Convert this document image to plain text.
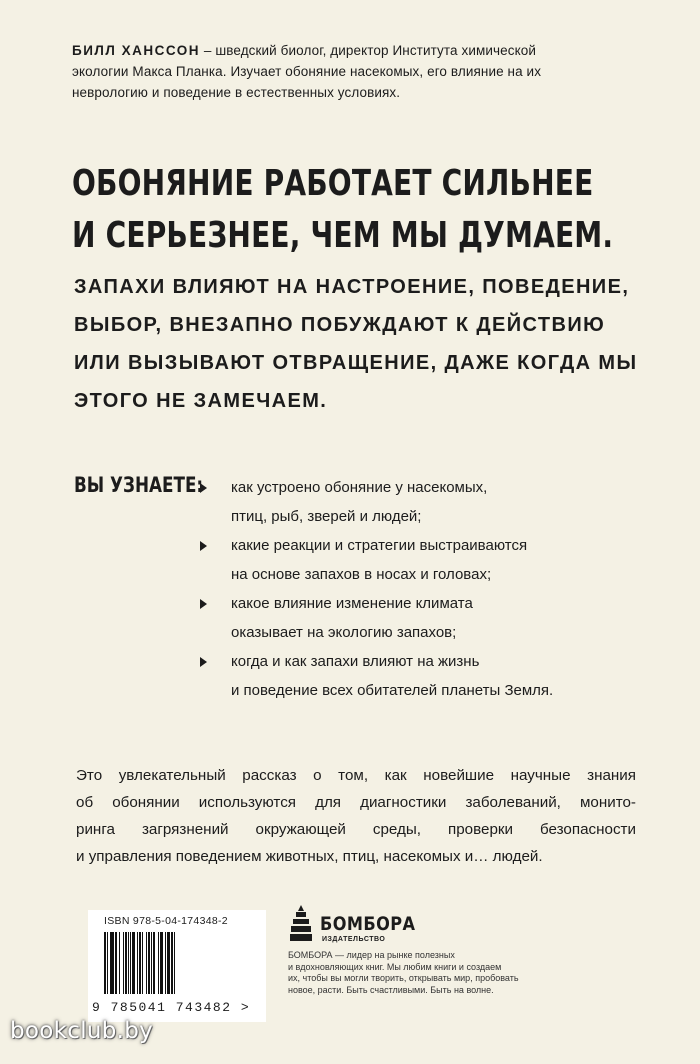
БИЛЛ ХАНССОН – шведский биолог, директор Института химической
экологии Макса Планка. Изучает обоняние насекомых, его влияние на их
неврологию и поведение в естественных условиях.
ОБОНЯНИЕ РАБОТАЕТ СИЛЬНЕЕ
И СЕРЬЕЗНЕЕ, ЧЕМ МЫ ДУМАЕМ.
ЗАПАХИ ВЛИЯЮТ НА НАСТРОЕНИЕ, ПОВЕДЕНИЕ,
ВЫБОР, ВНЕЗАПНО ПОБУЖДАЮТ К ДЕЙСТВИЮ
ИЛИ ВЫЗЫВАЮТ ОТВРАЩЕНИЕ, ДАЖЕ КОГДА МЫ
ЭТОГО НЕ ЗАМЕЧАЕМ.
ВЫ УЗНАЕТЕ: как устроено обоняние у насекомых,
птиц, рыб, зверей и людей;
какие реакции и стратегии выстраиваются
на основе запахов в носах и головах;
какое влияние изменение климата
оказывает на экологию запахов;
когда и как запахи влияют на жизнь
и поведение всех обитателей планеты Земля.
Это увлекательный рассказ о том, как новейшие научные знания
об обонянии используются для диагностики заболеваний, монито-
ринга загрязнений окружающей среды, проверки безопасности
и управления поведением животных, птиц, насекомых и… людей.
ISBN 978-5-04-174348-2
9 785041 743482 >
БОМБОРА
ИЗДАТЕЛЬСТВО
БОМБОРА — лидер на рынке полезных
и вдохновляющих книг. Мы любим книги и создаем
их, чтобы вы могли творить, открывать мир, пробовать
новое, расти. Быть счастливыми. Быть на волне.
bookclub.by
